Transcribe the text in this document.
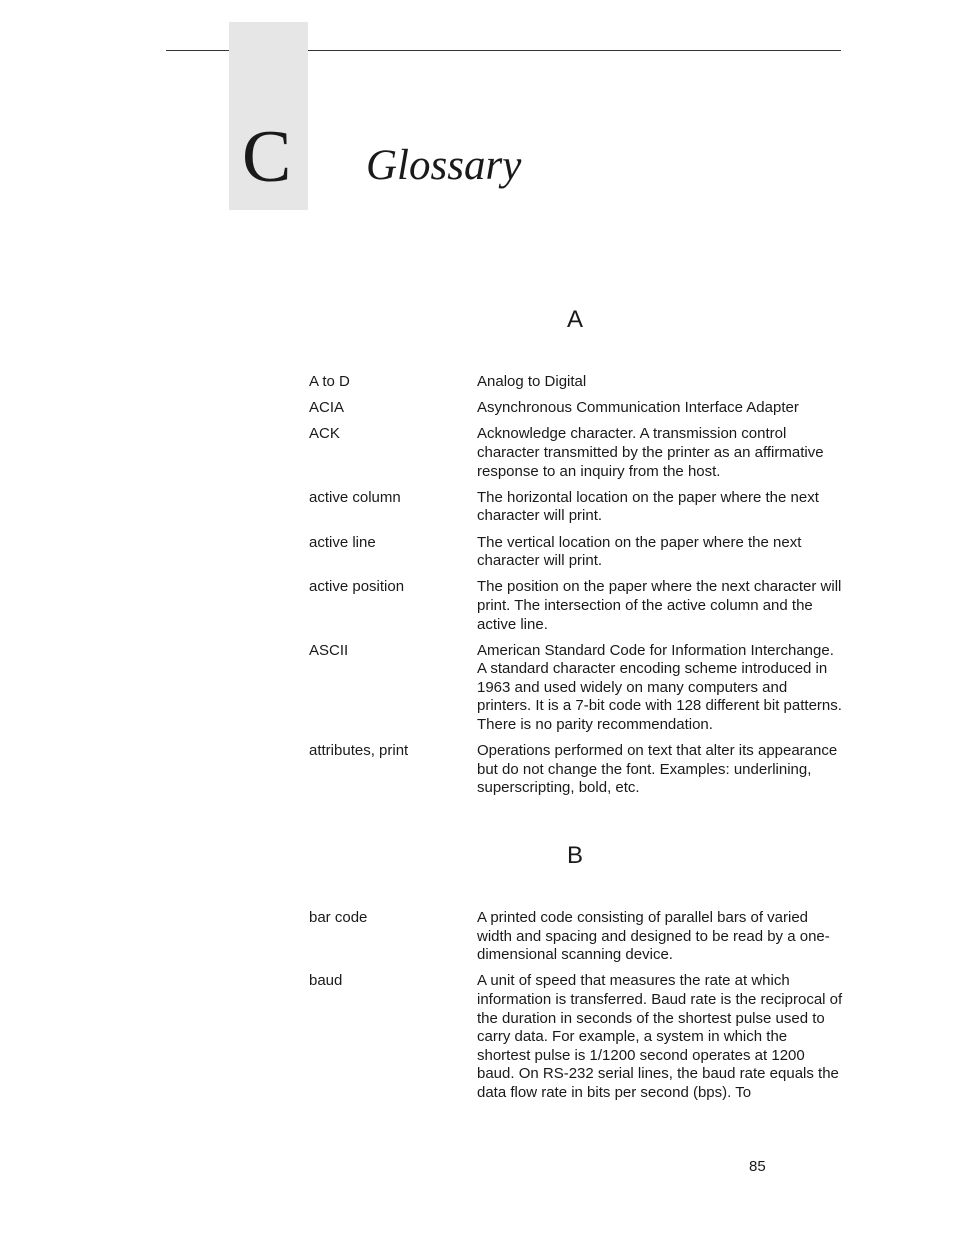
C Glossary
A
A to D	Analog to Digital
ACIA	Asynchronous Communication Interface Adapter
ACK	Acknowledge character. A transmission control character transmitted by the printer as an affirmative response to an inquiry from the host.
active column	The horizontal location on the paper where the next character will print.
active line	The vertical location on the paper where the next character will print.
active position	The position on the paper where the next character will print. The intersection of the active column and the active line.
ASCII	American Standard Code for Information Interchange. A standard character encoding scheme introduced in 1963 and used widely on many computers and printers. It is a 7-bit code with 128 different bit patterns. There is no parity recommendation.
attributes, print	Operations performed on text that alter its appearance but do not change the font. Examples: underlining, superscripting, bold, etc.
B
bar code	A printed code consisting of parallel bars of varied width and spacing and designed to be read by a one-dimensional scanning device.
baud	A unit of speed that measures the rate at which information is transferred. Baud rate is the reciprocal of the duration in seconds of the shortest pulse used to carry data. For example, a system in which the shortest pulse is 1/1200 second operates at 1200 baud. On RS-232 serial lines, the baud rate equals the data flow rate in bits per second (bps). To
85
